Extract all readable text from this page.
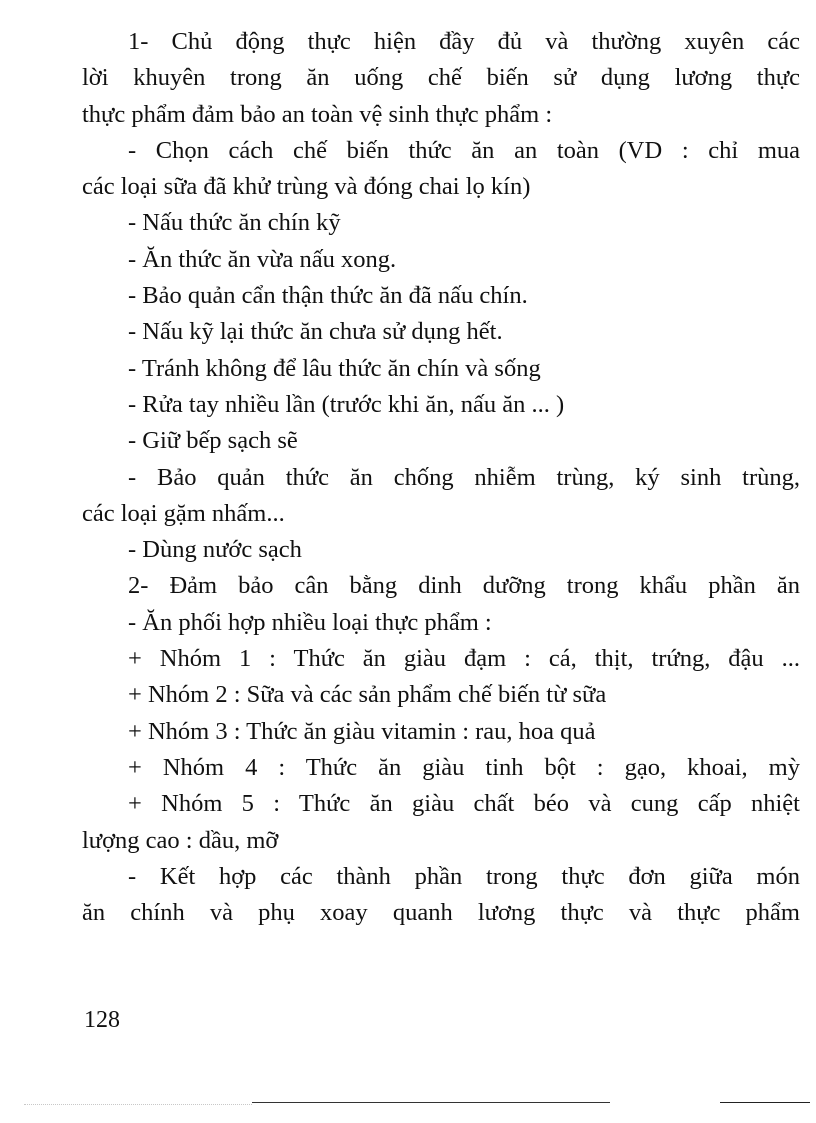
1- Chủ động thực hiện đầy đủ và thường xuyên các
lời khuyên trong ăn uống chế biến sử dụng lương thực
thực phẩm đảm bảo an toàn vệ sinh thực phẩm :
- Chọn cách chế biến thức ăn an toàn (VD : chỉ mua
các loại sữa đã khử trùng và đóng chai lọ kín)
- Nấu thức ăn chín kỹ
- Ăn thức ăn vừa nấu xong.
- Bảo quản cẩn thận thức ăn đã nấu chín.
- Nấu kỹ lại thức ăn chưa sử dụng hết.
- Tránh không để lâu thức ăn chín và sống
- Rửa tay nhiều lần (trước khi ăn, nấu ăn ... )
- Giữ bếp sạch sẽ
- Bảo quản thức ăn chống nhiễm trùng, ký sinh trùng,
các loại gặm nhấm...
- Dùng nước sạch
2- Đảm bảo cân bằng dinh dưỡng trong khẩu phần ăn
- Ăn phối hợp nhiều loại thực phẩm :
+ Nhóm 1 : Thức ăn giàu đạm : cá, thịt, trứng, đậu ...
+ Nhóm 2 : Sữa và các sản phẩm chế biến từ sữa
+ Nhóm 3 : Thức ăn giàu vitamin : rau, hoa quả
+ Nhóm 4 : Thức ăn giàu tinh bột : gạo, khoai, mỳ
+ Nhóm 5 : Thức ăn giàu chất béo và cung cấp nhiệt
lượng cao : dầu, mỡ
- Kết hợp các thành phần trong thực đơn giữa món
ăn chính và phụ xoay quanh lương thực và thực phẩm
128
